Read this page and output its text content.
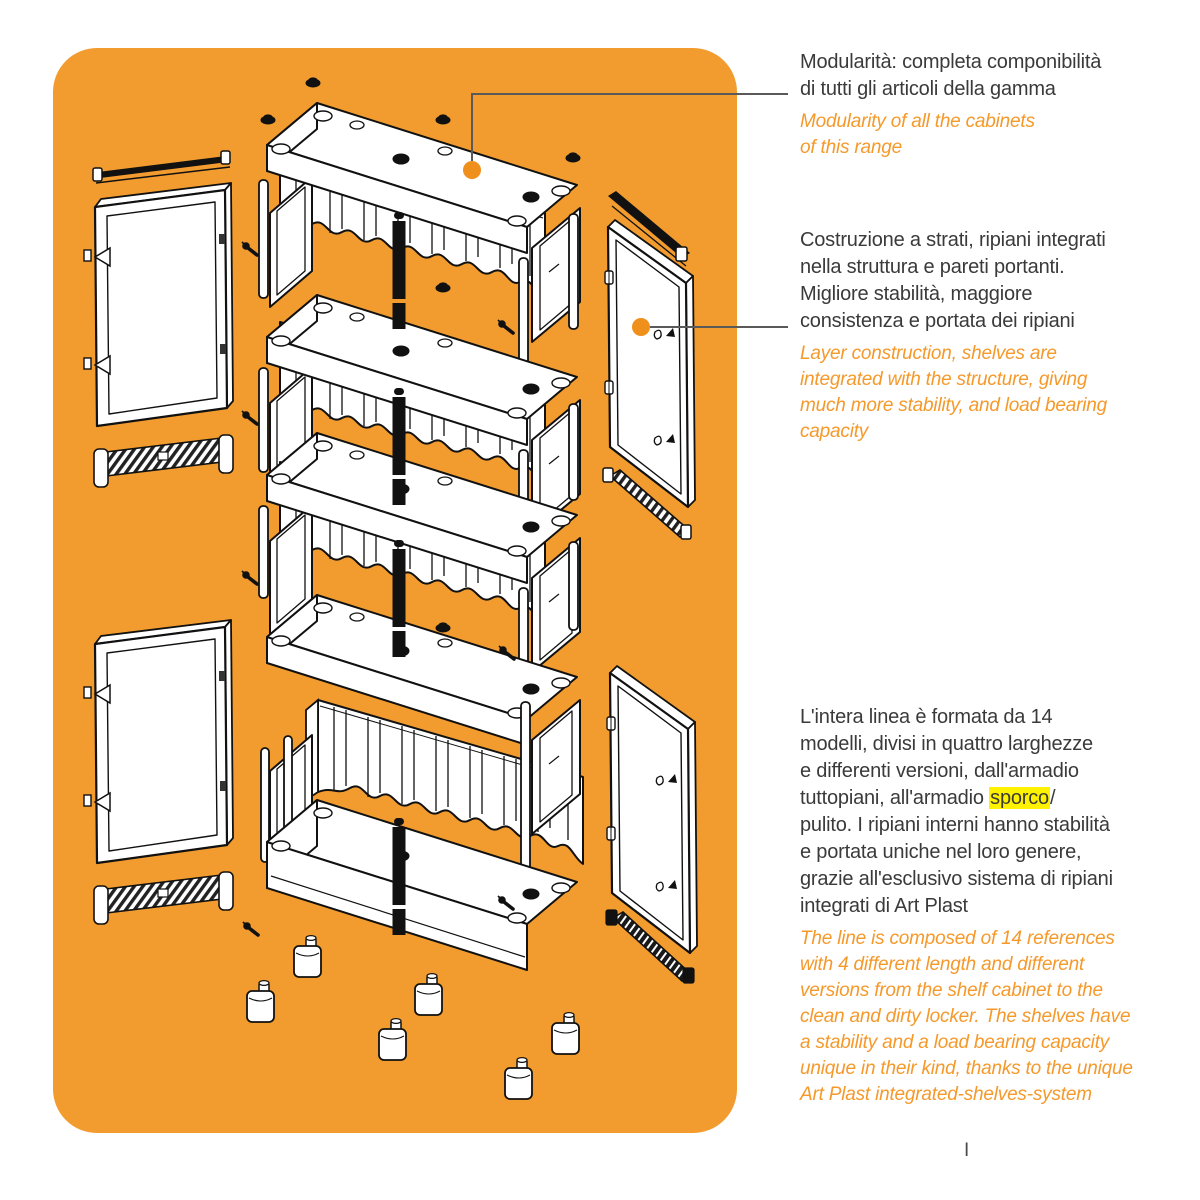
Modularità: completa componibilità
di tutti gli articoli della gamma
Modularity of all the cabinets
of this range
Costruzione a strati, ripiani integrati
nella struttura e pareti portanti.
Migliore stabilità, maggiore
consistenza e portata dei ripiani
Layer construction, shelves are
integrated with the structure, giving
much more stability, and load bearing
capacity
L'intera linea è formata da 14
modelli, divisi in quattro larghezze
e differenti versioni, dall'armadio
tuttopiani, all'armadio sporco/
pulito. I ripiani interni hanno stabilità
e portata uniche nel loro genere,
grazie all'esclusivo sistema di ripiani
integrati di Art Plast
The line is composed of 14 references
with 4 different length and different
versions from the shelf cabinet to the
clean and dirty locker. The shelves have
a stability and a load bearing capacity
unique in their kind, thanks to the unique
Art Plast integrated-shelves-system
I
